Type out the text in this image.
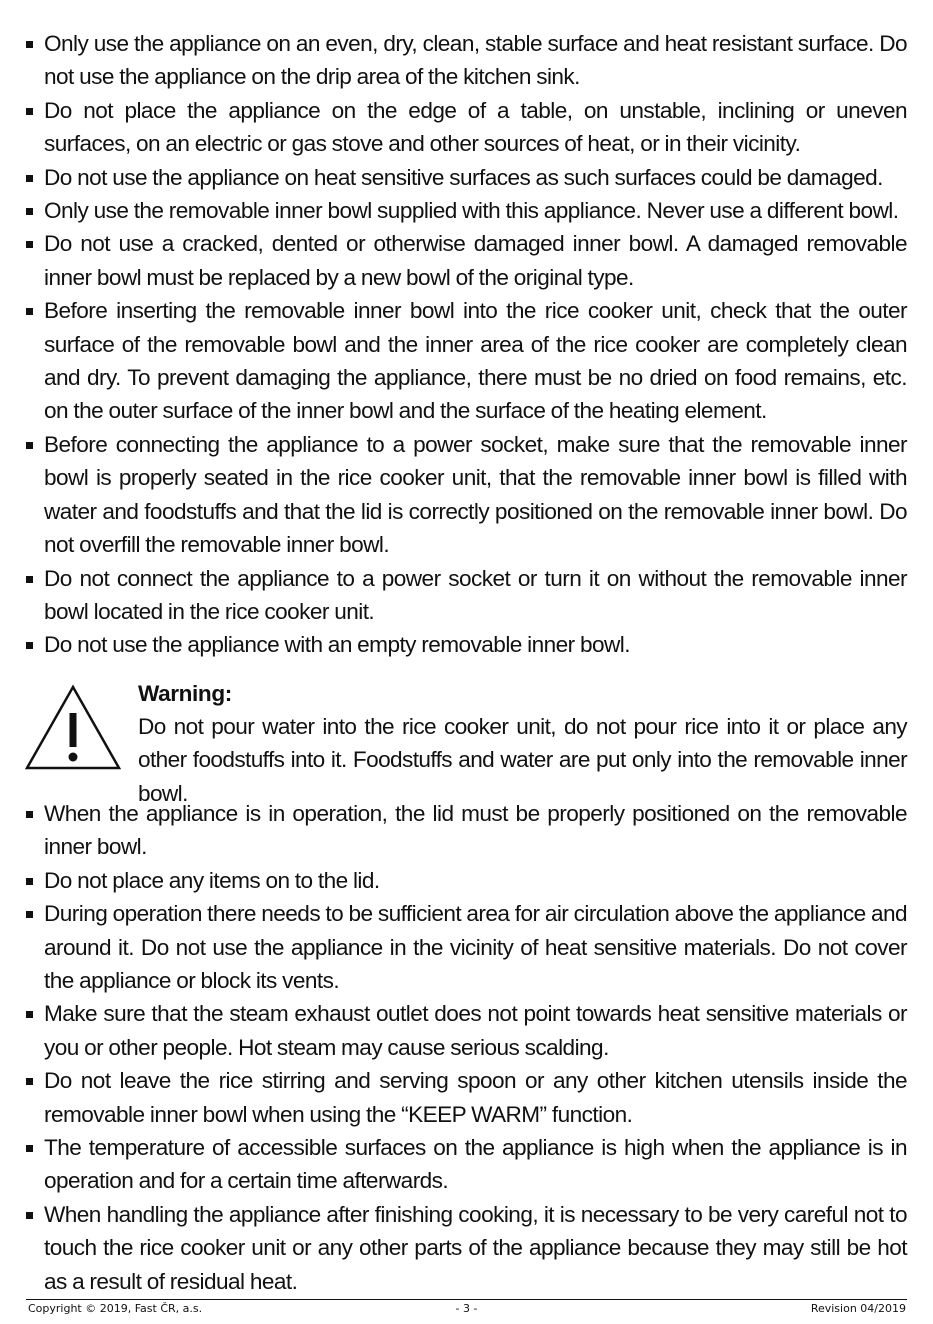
Only use the appliance on an even, dry, clean, stable surface and heat resistant surface. Do not use the appliance on the drip area of the kitchen sink.
Do not place the appliance on the edge of a table, on unstable, inclining or uneven surfaces, on an electric or gas stove and other sources of heat, or in their vicinity.
Do not use the appliance on heat sensitive surfaces as such surfaces could be damaged.
Only use the removable inner bowl supplied with this appliance. Never use a different bowl.
Do not use a cracked, dented or otherwise damaged inner bowl. A damaged removable inner bowl must be replaced by a new bowl of the original type.
Before inserting the removable inner bowl into the rice cooker unit, check that the outer surface of the removable bowl and the inner area of the rice cooker are completely clean and dry. To prevent damaging the appliance, there must be no dried on food remains, etc. on the outer surface of the inner bowl and the surface of the heating element.
Before connecting the appliance to a power socket, make sure that the removable inner bowl is properly seated in the rice cooker unit, that the removable inner bowl is filled with water and foodstuffs and that the lid is correctly positioned on the removable inner bowl. Do not overfill the removable inner bowl.
Do not connect the appliance to a power socket or turn it on without the removable inner bowl located in the rice cooker unit.
Do not use the appliance with an empty removable inner bowl.
Warning:
Do not pour water into the rice cooker unit, do not pour rice into it or place any other foodstuffs into it. Foodstuffs and water are put only into the removable inner bowl.
When the appliance is in operation, the lid must be properly positioned on the removable inner bowl.
Do not place any items on to the lid.
During operation there needs to be sufficient area for air circulation above the appliance and around it. Do not use the appliance in the vicinity of heat sensitive materials. Do not cover the appliance or block its vents.
Make sure that the steam exhaust outlet does not point towards heat sensitive materials or you or other people. Hot steam may cause serious scalding.
Do not leave the rice stirring and serving spoon or any other kitchen utensils inside the removable inner bowl when using the “KEEP WARM” function.
The temperature of accessible surfaces on the appliance is high when the appliance is in operation and for a certain time afterwards.
When handling the appliance after finishing cooking, it is necessary to be very careful not to touch the rice cooker unit or any other parts of the appliance because they may still be hot as a result of residual heat.
Copyright © 2019, Fast ČR, a.s.	- 3 -	Revision 04/2019
